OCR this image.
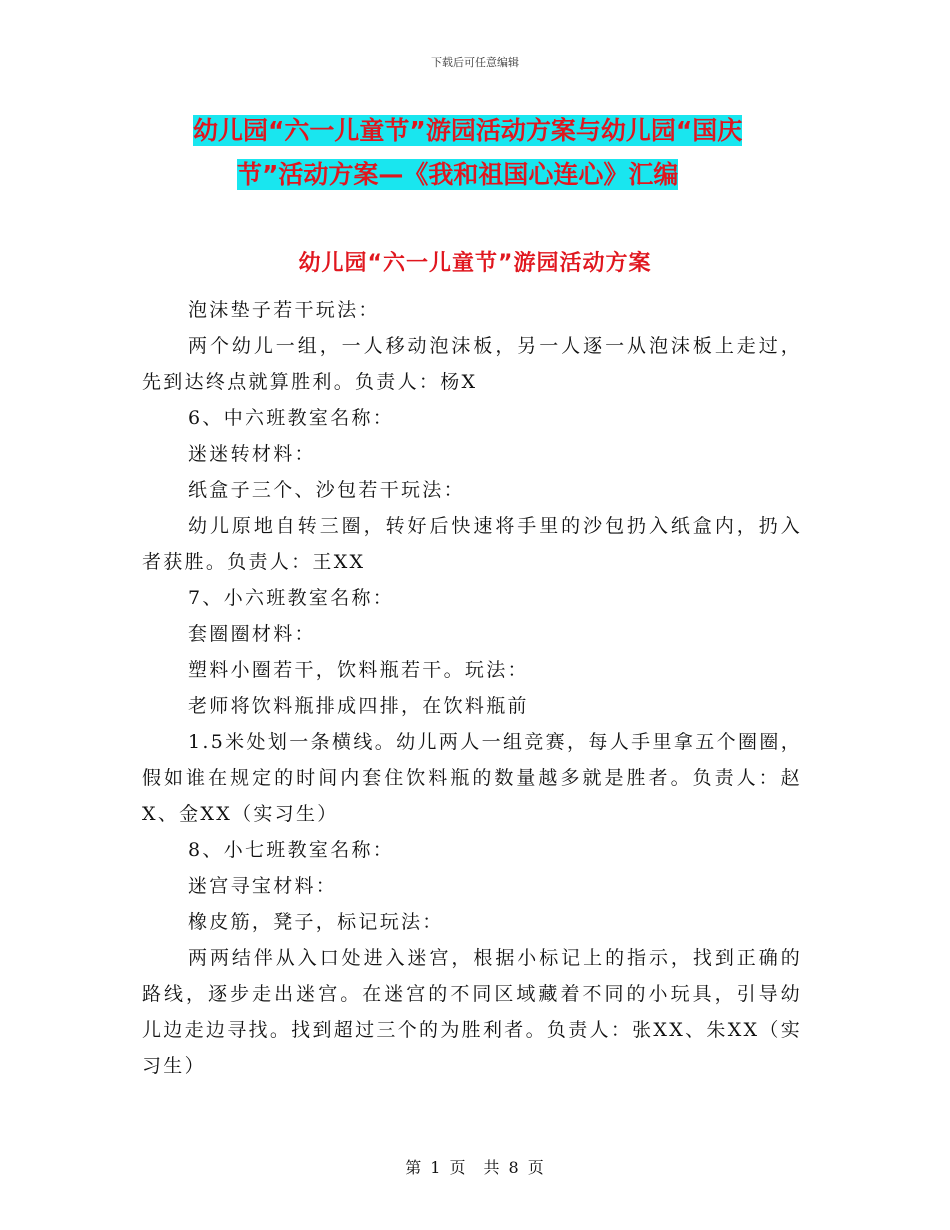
下载后可任意编辑
幼儿园“六一儿童节”游园活动方案与幼儿园“国庆
节”活动方案—《我和祖国心连心》汇编
幼儿园“六一儿童节”游园活动方案

泡沫垫子若干玩法：

两个幼儿一组，一人移动泡沫板，另一人逐一从泡沫板上走过，先到达终点就算胜利。负责人：杨X

6、中六班教室名称：

迷迷转材料：

纸盒子三个、沙包若干玩法：

幼儿原地自转三圈，转好后快速将手里的沙包扔入纸盒内，扔入者获胜。负责人：王XX

7、小六班教室名称：

套圈圈材料：

塑料小圈若干，饮料瓶若干。玩法：

老师将饮料瓶排成四排，在饮料瓶前

1.5米处划一条横线。幼儿两人一组竞赛，每人手里拿五个圈圈，假如谁在规定的时间内套住饮料瓶的数量越多就是胜者。负责人：赵X、金XX（实习生）

8、小七班教室名称：

迷宫寻宝材料：

橡皮筋，凳子，标记玩法：

两两结伴从入口处进入迷宫，根据小标记上的指示，找到正确的路线，逐步走出迷宫。在迷宫的不同区域藏着不同的小玩具，引导幼儿边走边寻找。找到超过三个的为胜利者。负责人：张XX、朱XX（实习生）

第 1 页　共 8 页
